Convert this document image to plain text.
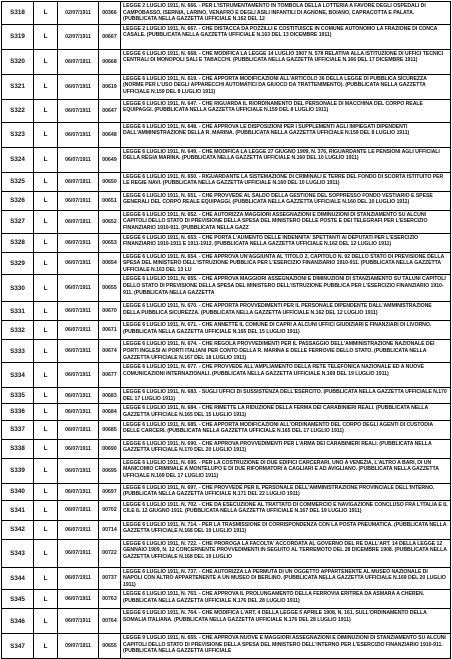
S318	L	02/07/1911	00366	LEGGE 2 LUGLIO 1911, N. 666. - PER L'ISTRUMENTAMENTO IN TOMBOLA DELLA LOTTERIA A FAVORE DEGLI OSPEDALI DI CAMPOBASSO, ISERNIA, LARINO, VENAFRO E DEGLI ASILI INFANTILI DI AGNONE, BOIANO, CAPRACOTTA E PALATA. (PUBBLICATA NELLA GAZZETTA UFFICIALE N.162 DEL 12
S319	L	02/07/1911	00667	LEGGE 2 LUGLIO 1911, N. 667. - CHE DISTACCA DA POZZILLI E COSTITUISCE IN COMUNE AUTONOMO LA FRAZIONE DI CONCA CASALE. (PUBBLICATA NELLA GAZZETTA UFFICIALE N.163 DEL 13 DICEMBRE 1911)
S320	L	06/07/1911	00668	LEGGE 6 LUGLIO 1911, N. 668. - CHE MODIFICA LA LEGGE 14 LUGLIO 1907 N. 578 RELATIVA ALLA ISTITUZIONE DI UFFICI TECNICI CENTRALI DI MONOPOLI SALI E TABACCHI. (PUBBLICATA NELLA GAZZETTA UFFICIALE N.166 DEL 17 DICEMBRE 1911)
S321	L	06/07/1911	00619	LEGGE 6 LUGLIO 1911, N. 619. - CHE APPORTA MODIFICAZIONI ALL'ARTICOLO 36 DELLA LEGGE DI PUBBLICA SICUREZZA (NORME PER L'USO DEGLI APPARECCHI AUTOMATICI DA GIUOCO DA TRATTENIMENTO). (PUBBLICATA NELLA GAZZETTA UFFICIALE N.159 DEL 8 LUGLIO 1911)
S322	L	06/07/1911	00647	LEGGE 6 LUGLIO 1911, N. 647. - CHE RIGUARDA IL RIORDINAMENTO DEL PERSONALE DI MACCHINA DEL CORPO REALE EQUIPAGGI. (PUBBLICATA NELLA GAZZETTA UFFICIALE N.159 DEL 8 LUGLIO 1911)
S323	L	06/07/1911	00648	LEGGE 6 LUGLIO 1911, N. 648. - CHE APPROVA LE DISPOSIZIONI PER I SUPPLEMENTI AGLI IMPIEGATI DIPENDENTI DALL'AMMINISTRAZIONE DELLA R. MARINA. (PUBBLICATA NELLA GAZZETTA UFFICIALE N.159 DEL 8 LUGLIO 1911)
S324	L	06/07/1911	00649	LEGGE 6 LUGLIO 1911, N. 649. - CHE MODIFICA LA LEGGE 27 GIUGNO 1909, N. 376, RIGUARDANTE LE PENSIONI AGLI UFFICIALI DELLA REGIA MARINA. (PUBBLICATA NELLA GAZZETTA UFFICIALE N.160 DEL 10 LUGLIO 1911)
S325	L	06/07/1911	00650	LEGGE 6 LUGLIO 1911, N. 650. - RIGUARDANTE LA SISTEMAZIONE DI CRIMINALI E TERRE DEL FONDO DI SCORTA ISTITUITO PER LE REGIE NAVI. (PUBBLICATA NELLA GAZZETTA UFFICIALE N.160 DEL 10 LUGLIO 1911)
S326	L	06/07/1911	00651	LEGGE 6 LUGLIO 1911, N. 651. - CHE PROVVEDE AL SALDO DELLA GESTIONE DEL SOPPRESSO FONDO VESTIARIO E SPESE GENERALI DEL CORPO REALE EQUIPAGGI. (PUBBLICATA NELLA GAZZETTA UFFICIALE N.160 DEL 10 LUGLIO 1911)
S327	L	06/07/1911	00652	LEGGE 6 LUGLIO 1911, N. 652. - CHE AUTORIZZA MAGGIORI ASSEGNAZIONI E DIMINUZIONI DI STANZIAMENTO SU ALCUNI CAPITOLI DELLO STATO DI PREVISIONE DELLA SPESA DEL MINISTERO DELLE POSTE E DEI TELEGRAFI PER L'ESERCIZIO FINANZIARIO 1910-911. (PUBBLICATA NELLA GAZZ
S328	L	06/07/1911	00653	LEGGE 6 LUGLIO 1911, N. 653. - CHE PORTA L'AUMENTO DELLE INDENNITA' SPETTANTI AI DEPUTATI PER L'ESERCIZIO FINANZIARIO 1910-1911 E 1911-1912. (PUBBLICATA NELLA GAZZETTA UFFICIALE N.162 DEL 12 LUGLIO 1911)
S329	L	06/07/1911	00654	LEGGE 6 LUGLIO 1911, N. 654. - CHE APPROVA UN'AGGIUNTA AL TITOLO 2, CAPITOLO N. 92 DELLO STATO DI PREVISIONE DELLA SPESA DEL MINISTERO DELL'ISTRUZIONE PUBBLICA PER L'ESERCIZIO FINANZIARIO 1910-911. (PUBBLICATA NELLA GAZZETTA UFFICIALE N.163 DEL 13 LU
S330	L	06/07/1911	00655	LEGGE 6 LUGLIO 1911, N. 655. - CHE APPROVA MAGGIORI ASSEGNAZIONI E DIMINUZIONI DI STANZIAMENTO SU TALUNI CAPITOLI DELLO STATO DI PREVISIONE DELLA SPESA DEL MINISTERO DELL'ISTRUZIONE PUBBLICA PER L'ESERCIZIO FINANZIARIO 1910-911. (PUBBLICATA NELLA GAZZETTA
S331	L	06/07/1911	00670	LEGGE 6 LUGLIO 1911, N. 670. - CHE APPORTA PROVVEDIMENTI PER IL PERSONALE DIPENDENTE DALL'AMMINISTRAZIONE DELLA PUBBLICA SICUREZZA. (PUBBLICATA NELLA GAZZETTA UFFICIALE N.162 DEL 12 LUGLIO 1911)
S332	L	06/07/1911	00671	LEGGE 6 LUGLIO 1911, N. 671. - CHE ANNETTE IL COMUNE DI CAPRI A ALCUNI UFFICI GIUDIZIARI E FINANZIARI DI LIVORNO. (PUBBLICATA NELLA GAZZETTA UFFICIALE N.165 DEL 15 LUGLIO 1911)
S333	L	06/07/1911	00674	LEGGE 6 LUGLIO 1911, N. 674. - CHE REGOLA PROVVEDIMENTI PER IL PASSAGGIO DELL'AMMINISTRAZIONE NAZIONALE DEI PORTI INGLESI AI PORTI ITALIANI PER CONTO DELLA R. MARINA E DELLE FERROVIE DELLO STATO. (PUBBLICATA NELLA GAZZETTA UFFICIALE N.167 DEL 18 LUGLIO 1911)
S334	L	06/07/1911	00677	LEGGE 6 LUGLIO 1911, N. 677. - CHE PROVVEDE ALL'AMPLIAMENTO DELLA RETE TELEFONICA NAZIONALE ED A NUOVE COMUNICAZIONI INTERNAZIONALI. (PUBBLICATA NELLA GAZZETTA UFFICIALE N.169 DEL 19 LUGLIO 1911)
S335	L	06/07/1911	00683	LEGGE 6 LUGLIO 1911, N. 683. - SUGLI UFFICI DI SUSSISTENZA DELL'ESERCITO. (PUBBLICATA NELLA GAZZETTA UFFICIALE N.170 DEL 17 LUGLIO 1911)
S336	L	06/07/1911	00684	LEGGE 6 LUGLIO 1911, N. 684. - CHE RIMETTE LA RIDUZIONE DELLA FERMA DEI CARABINIERI REALI. (PUBBLICATA NELLA GAZZETTA UFFICIALE N.165 DEL 15 LUGLIO 1911)
S337	L	06/07/1911	00685	LEGGE 6 LUGLIO 1911, N. 685. - CHE APPORTA MODIFICAZIONI ALL'ORDINAMENTO DEL CORPO DEGLI AGENTI DI CUSTODIA DELLE CARCERI. (PUBBLICATA NELLA GAZZETTA UFFICIALE N.165 DEL 17 LUGLIO 1911)
S338	L	06/07/1911	00690	LEGGE 6 LUGLIO 1911, N. 690. - CHE APPROVA PROVVEDIMENTI PER L'ARMA DEI CARABINIERI REALI. (PUBBLICATA NELLA GAZZETTA UFFICIALE N.170 DEL 20 LUGLIO 1911)
S339	L	06/07/1911	00695	LEGGE 6 LUGLIO 1911, N. 695. - PER LA COSTRUZIONE DI DUE EDIFICI CARCERARI, UNO A VENEZIA, L'ALTRO A BARI, DI UN MANICOMIO CRIMINALE A MONTELUPO E DI DUE RIFORMATORI A CAGLIARI E AD AVIGLIANO. (PUBBLICATA NELLA GAZZETTA UFFICIALE N.169 DEL 17 LUGLIO 1911)
S340	L	06/07/1911	00697	LEGGE 6 LUGLIO 1911, N. 697. - CHE PROVVEDE PER IL PERSONALE DELL'AMMINISTRAZIONE PROVINCIALE DELL'INTERNO. (PUBBLICATA NELLA GAZZETTA UFFICIALE N.171 DEL 22 LUGLIO 1911)
S341	L	06/07/1911	00702	LEGGE 6 LUGLIO 1911, N. 702. - CHE DA ESECUZIONE AL TRATTATO DI COMMERCIO E NAVIGAZIONE CONCLUSO FRA L'ITALIA E IL CILE IL 12 GIUGNO 1911. (PUBBLICATA NELLA GAZZETTA UFFICIALE N.167 DEL 19 LUGLIO 1911)
S342	L	06/07/1911	00714	LEGGE 6 LUGLIO 1911, N. 714. - PER LA TRASMISSIONE DI CORRISPONDENZA CON LA POSTA PNEUMATICA. (PUBBLICATA NELLA GAZZETTA UFFICIALE N.168 DEL 19 LUGLIO 1911)
S343	L	06/07/1911	00722	LEGGE 6 LUGLIO 1911, N. 722. - CHE PROROGA LA FACOLTA' ACCORDATA AL GOVERNO DEL RE DALL'ART. 14 DELLA LEGGE 12 GENNAIO 1909, N. 12 CONCERNENTE PROVVEDIMENTI IN SEGUITO AL TERREMOTO DEL 28 DICEMBRE 1908. (PUBBLICATA NELLA GAZZETTA UFFICIALE N.168 DEL 19 LUGLIO
S344	L	06/07/1911	00737	LEGGE 6 LUGLIO 1911, N. 737. - CHE AUTORIZZA LA PERMUTA DI UN OGGETTO APPARTENENTE AL MUSEO NAZIONALE DI NAPOLI CON ALTRO APPARTENENTE A UN MUSEO DI BERLINO. (PUBBLICATA NELLA GAZZETTA UFFICIALE N.169 DEL 20 LUGLIO 1911)
S345	L	06/07/1911	00763	LEGGE 6 LUGLIO 1911, N. 763. - CHE APPROVA IL PROLUNGAMENTO DELLA FERROVIA ERITREA DA ASMARA A CHEREN. (PUBBLICATA NELLA GAZZETTA UFFICIALE N.176 DEL 28 LUGLIO 1911)
S346	L	06/07/1911	00764	LEGGE 6 LUGLIO 1911, N. 764. - CHE MODIFICA L'ART. 4 DELLA LEGGE 5 APRILE 1908, N. 161, SULL'ORDINAMENTO DELLA SOMALIA ITALIANA. (PUBBLICATA NELLA GAZZETTA UFFICIALE N.176 DEL 28 LUGLIO 1911)
S347	L	09/07/1911	00655	LEGGE 9 LUGLIO 1911, N. 655. - CHE APPROVA NUOVE E MAGGIORI ASSEGNAZIONI E DIMINUZIONI DI STANZIAMENTO SU ALCUNI CAPITOLI DELLO STATO DI PREVISIONE DELLA SPESA DEL MINISTERO DELL'INTERNO PER L'ESERCIZIO FINANZIARIO 1910-911. (PUBBLICATA NELLA GAZZETTA UFFICIALE
